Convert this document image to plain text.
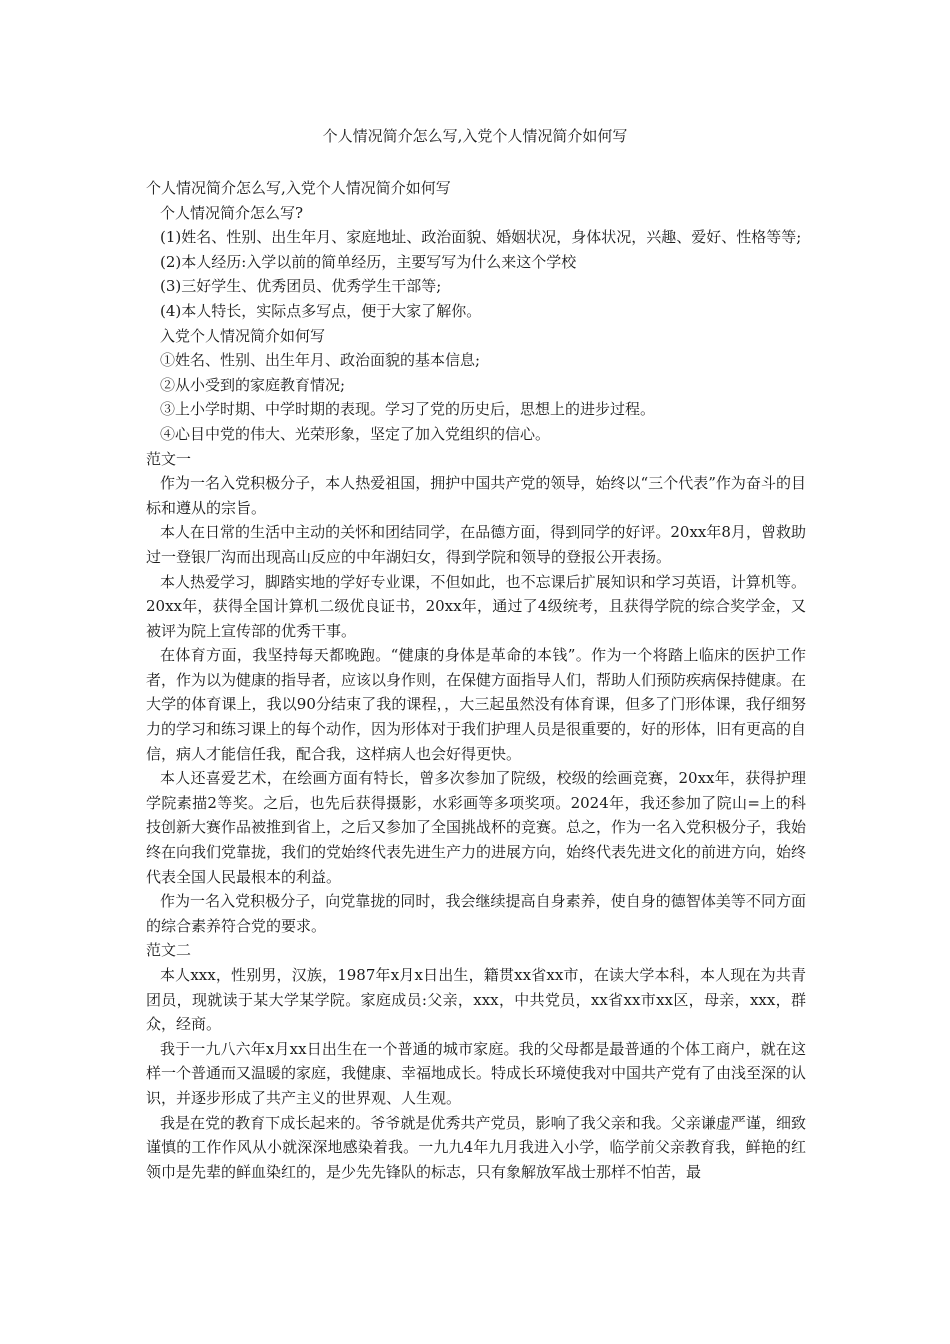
个人情况简介怎么写,入党个人情况简介如何写

个人情况简介怎么写,入党个人情况简介如何写

个人情况简介怎么写?

(1)姓名、性别、出生年月、家庭地址、政治面貌、婚姻状况，身体状况，兴趣、爱好、性格等等;

(2)本人经历:入学以前的简单经历，主要写写为什么来这个学校

(3)三好学生、优秀团员、优秀学生干部等;

(4)本人特长，实际点多写点，便于大家了解你。

入党个人情况简介如何写

①姓名、性别、出生年月、政治面貌的基本信息;

②从小受到的家庭教育情况;

③上小学时期、中学时期的表现。学习了党的历史后，思想上的进步过程。

④心目中党的伟大、光荣形象，坚定了加入党组织的信心。

范文一

作为一名入党积极分子，本人热爱祖国，拥护中国共产党的领导，始终以“三个代表”作为奋斗的目标和遵从的宗旨。

本人在日常的生活中主动的关怀和团结同学，在品德方面，得到同学的好评。20xx年8月，曾救助过一登银厂沟而出现高山反应的中年湖妇女，得到学院和领导的登报公开表扬。

本人热爱学习，脚踏实地的学好专业课，不但如此，也不忘课后扩展知识和学习英语，计算机等。20xx年，获得全国计算机二级优良证书，20xx年，通过了4级统考，且获得学院的综合奖学金，又被评为院上宣传部的优秀干事。

在体育方面，我坚持每天都晚跑。“健康的身体是革命的本钱”。作为一个将踏上临床的医护工作者，作为以为健康的指导者，应该以身作则，在保健方面指导人们，帮助人们预防疾病保持健康。在大学的体育课上，我以90分结束了我的课程，，大三起虽然没有体育课，但多了门形体课，我仔细努力的学习和练习课上的每个动作，因为形体对于我们护理人员是很重要的，好的形体，旧有更高的自信，病人才能信任我，配合我，这样病人也会好得更快。

本人还喜爱艺术，在绘画方面有特长，曾多次参加了院级，校级的绘画竞赛，20xx年，获得护理学院素描2等奖。之后，也先后获得摄影，水彩画等多项奖项。2024年，我还参加了院山=上的科技创新大赛作品被推到省上，之后又参加了全国挑战杯的竞赛。总之，作为一名入党积极分子，我始终在向我们党靠拢，我们的党始终代表先进生产力的进展方向，始终代表先进文化的前进方向，始终代表全国人民最根本的利益。

作为一名入党积极分子，向党靠拢的同时，我会继续提高自身素养，使自身的德智体美等不同方面的综合素养符合党的要求。

范文二

本人xxx，性别男，汉族，1987年x月x日出生，籍贯xx省xx市，在读大学本科，本人现在为共青团员，现就读于某大学某学院。家庭成员:父亲，xxx，中共党员，xx省xx市xx区，母亲，xxx，群众，经商。

我于一九八六年x月xx日出生在一个普通的城市家庭。我的父母都是最普通的个体工商户，就在这样一个普通而又温暖的家庭，我健康、幸福地成长。特成长环境使我对中国共产党有了由浅至深的认识，并逐步形成了共产主义的世界观、人生观。

我是在党的教育下成长起来的。爷爷就是优秀共产党员，影响了我父亲和我。父亲谦虚严谨，细致谨慎的工作作风从小就深深地感染着我。一九九4年九月我进入小学，临学前父亲教育我，鲜艳的红领巾是先辈的鲜血染红的，是少先先锋队的标志，只有象解放军战士那样不怕苦，最
